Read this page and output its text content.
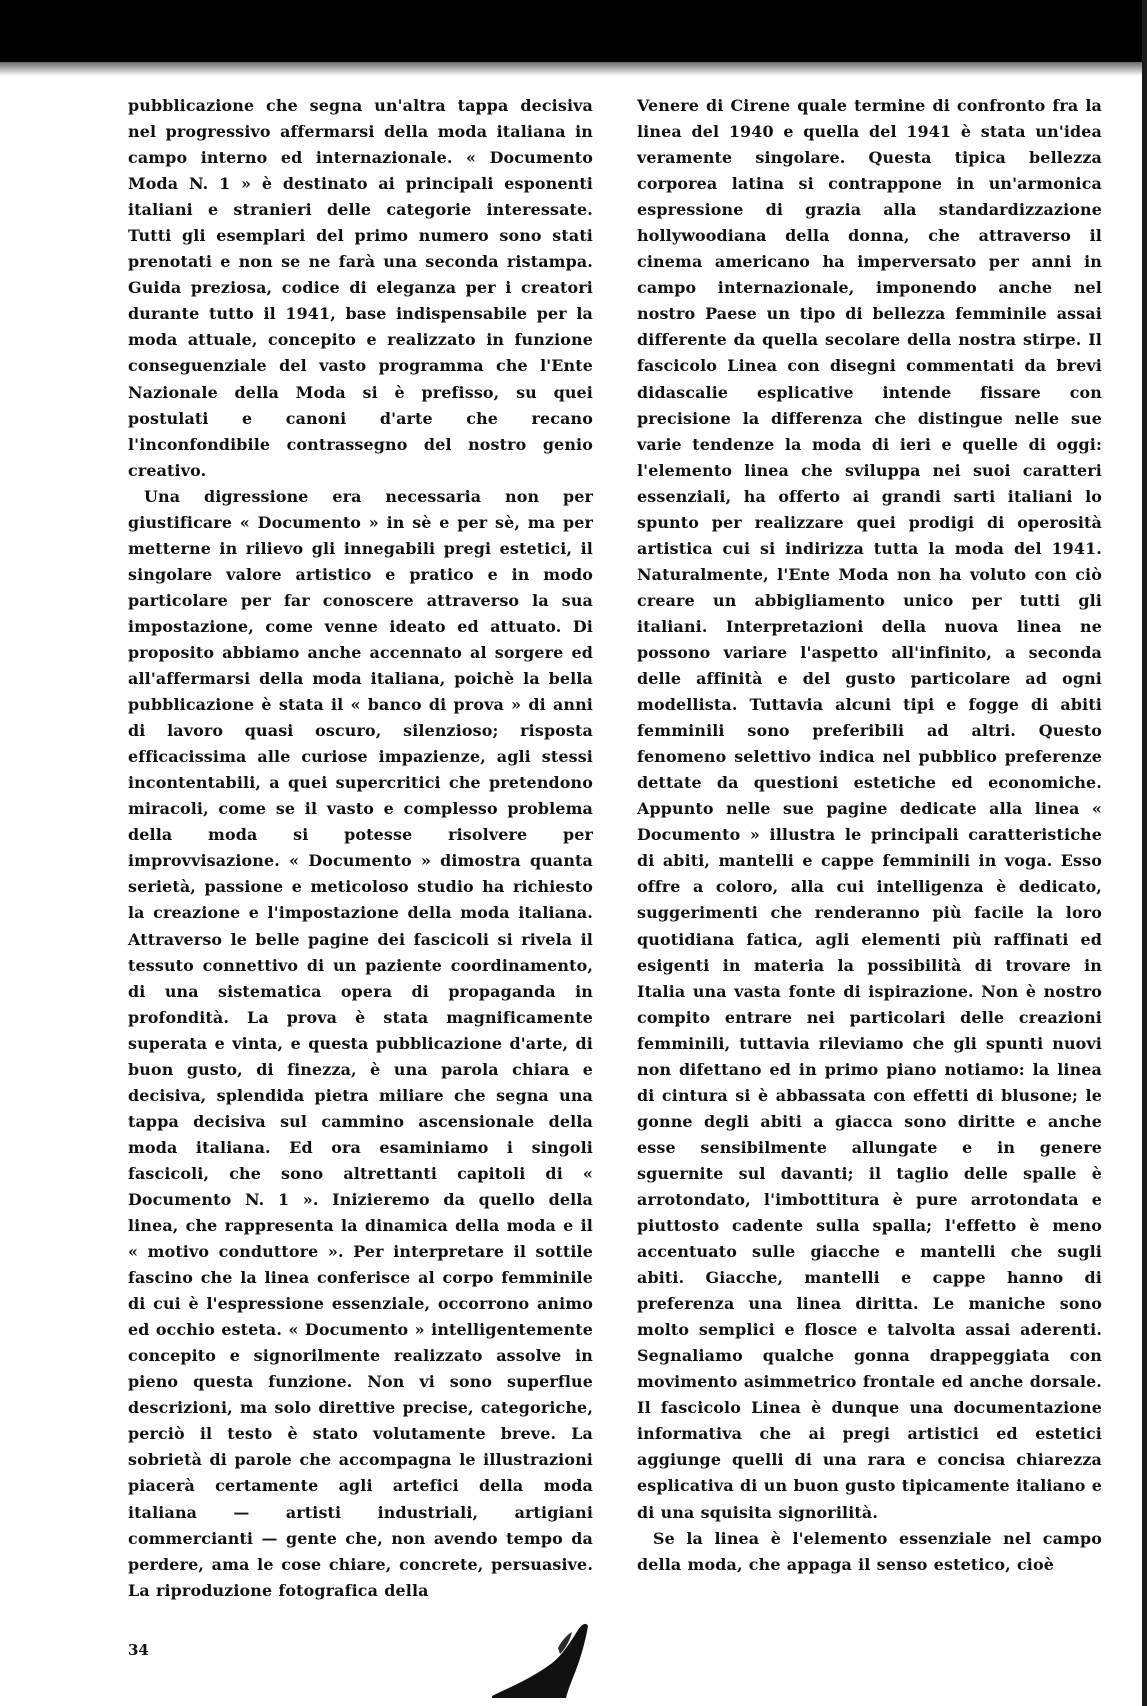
pubblicazione che segna un'altra tappa decisiva nel progressivo affermarsi della moda italiana in campo interno ed internazionale. « Documento Moda N. 1 » è destinato ai principali esponenti italiani e stranieri delle categorie interessate. Tutti gli esemplari del primo numero sono stati prenotati e non se ne farà una seconda ristampa. Guida preziosa, codice di eleganza per i creatori durante tutto il 1941, base indispensabile per la moda attuale, concepito e realizzato in funzione conseguenziale del vasto programma che l'Ente Nazionale della Moda si è prefisso, su quei postulati e canoni d'arte che recano l'inconfondibile contrassegno del nostro genio creativo.

Una digressione era necessaria non per giustificare « Documento » in sè e per sè, ma per metterne in rilievo gli innegabili pregi estetici, il singolare valore artistico e pratico e in modo particolare per far conoscere attraverso la sua impostazione, come venne ideato ed attuato. Di proposito abbiamo anche accennato al sorgere ed all'affermarsi della moda italiana, poichè la bella pubblicazione è stata il « banco di prova » di anni di lavoro quasi oscuro, silenzioso; risposta efficacissima alle curiose impazienze, agli stessi incontentabili, a quei supercritici che pretendono miracoli, come se il vasto e complesso problema della moda si potesse risolvere per improvvisazione. « Documento » dimostra quanta serietà, passione e meticoloso studio ha richiesto la creazione e l'impostazione della moda italiana. Attraverso le belle pagine dei fascicoli si rivela il tessuto connettivo di un paziente coordinamento, di una sistematica opera di propaganda in profondità. La prova è stata magnificamente superata e vinta, e questa pubblicazione d'arte, di buon gusto, di finezza, è una parola chiara e decisiva, splendida pietra miliare che segna una tappa decisiva sul cammino ascensionale della moda italiana. Ed ora esaminiamo i singoli fascicoli, che sono altrettanti capitoli di « Documento N. 1 ». Inizieremo da quello della linea, che rappresenta la dinamica della moda e il « motivo conduttore ». Per interpretare il sottile fascino che la linea conferisce al corpo femminile di cui è l'espressione essenziale, occorrono animo ed occhio esteta. « Documento » intelligentemente concepito e signorilmente realizzato assolve in pieno questa funzione. Non vi sono superflue descrizioni, ma solo direttive precise, categoriche, perciò il testo è stato volutamente breve. La sobrietà di parole che accompagna le illustrazioni piacerà certamente agli artefici della moda italiana — artisti industriali, artigiani commercianti — gente che, non avendo tempo da perdere, ama le cose chiare, concrete, persuasive. La riproduzione fotografica della

Venere di Cirene quale termine di confronto fra la linea del 1940 e quella del 1941 è stata un'idea veramente singolare. Questa tipica bellezza corporea latina si contrappone in un'armonica espressione di grazia alla standardizzazione hollywoodiana della donna, che attraverso il cinema americano ha imperversato per anni in campo internazionale, imponendo anche nel nostro Paese un tipo di bellezza femminile assai differente da quella secolare della nostra stirpe. Il fascicolo Linea con disegni commentati da brevi didascalie esplicative intende fissare con precisione la differenza che distingue nelle sue varie tendenze la moda di ieri e quelle di oggi: l'elemento linea che sviluppa nei suoi caratteri essenziali, ha offerto ai grandi sarti italiani lo spunto per realizzare quei prodigi di operosità artistica cui si indirizza tutta la moda del 1941. Naturalmente, l'Ente Moda non ha voluto con ciò creare un abbigliamento unico per tutti gli italiani. Interpretazioni della nuova linea ne possono variare l'aspetto all'infinito, a seconda delle affinità e del gusto particolare ad ogni modellista. Tuttavia alcuni tipi e fogge di abiti femminili sono preferibili ad altri. Questo fenomeno selettivo indica nel pubblico preferenze dettate da questioni estetiche ed economiche. Appunto nelle sue pagine dedicate alla linea « Documento » illustra le principali caratteristiche di abiti, mantelli e cappe femminili in voga. Esso offre a coloro, alla cui intelligenza è dedicato, suggerimenti che renderanno più facile la loro quotidiana fatica, agli elementi più raffinati ed esigenti in materia la possibilità di trovare in Italia una vasta fonte di ispirazione. Non è nostro compito entrare nei particolari delle creazioni femminili, tuttavia rileviamo che gli spunti nuovi non difettano ed in primo piano notiamo: la linea di cintura si è abbassata con effetti di blusone; le gonne degli abiti a giacca sono diritte e anche esse sensibilmente allungate e in genere sguernite sul davanti; il taglio delle spalle è arrotondato, l'imbottitura è pure arrotondata e piuttosto cadente sulla spalla; l'effetto è meno accentuato sulle giacche e mantelli che sugli abiti. Giacche, mantelli e cappe hanno di preferenza una linea diritta. Le maniche sono molto semplici e flosce e talvolta assai aderenti. Segnaliamo qualche gonna drappeggiata con movimento asimmetrico frontale ed anche dorsale. Il fascicolo Linea è dunque una documentazione informativa che ai pregi artistici ed estetici aggiunge quelli di una rara e concisa chiarezza esplicativa di un buon gusto tipicamente italiano e di una squisita signorilità.

Se la linea è l'elemento essenziale nel campo della moda, che appaga il senso estetico, cioè

34
